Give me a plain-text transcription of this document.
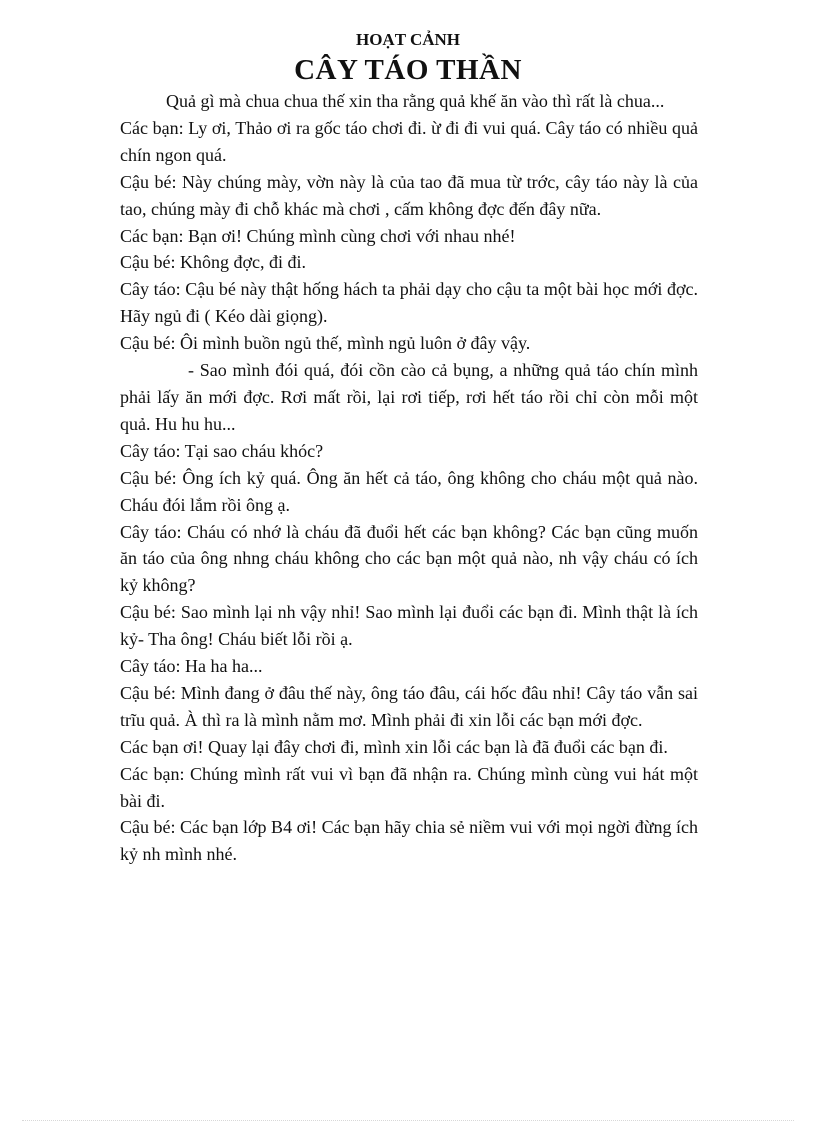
HOẠT CẢNH
CÂY TÁO THẦN

Quả gì mà chua chua thế xin tha rằng quả khế ăn vào thì rất là chua...

Các bạn: Ly ơi, Thảo ơi ra gốc táo chơi đi. ừ đi đi vui quá. Cây táo có nhiều quả chín ngon quá.

Cậu bé: Này chúng mày, vờn này là của tao đã mua từ trớc, cây táo này là của tao, chúng mày đi chỗ khác mà chơi , cấm không đợc đến đây nữa.

Các bạn: Bạn ơi! Chúng mình cùng chơi với nhau nhé!

Cậu bé: Không đợc, đi đi.

Cây táo: Cậu bé này thật hống hách ta phải dạy cho cậu ta một bài học mới đợc. Hãy ngủ đi ( Kéo dài giọng).

Cậu bé: Ôi mình buồn ngủ thế, mình ngủ luôn ở đây vậy.

- Sao mình đói quá, đói cồn cào cả bụng, a những quả táo chín mình phải lấy ăn mới đợc. Rơi mất rồi, lại rơi tiếp, rơi hết táo rồi chỉ còn mỗi một quả. Hu hu hu...

Cây táo: Tại sao cháu khóc?

Cậu bé: Ông ích kỷ quá. Ông ăn hết cả táo, ông không cho cháu một quả nào. Cháu đói lắm rồi ông ạ.

Cây táo: Cháu có nhớ là cháu đã đuổi hết các bạn không? Các bạn cũng muốn ăn táo của ông nhng cháu không cho các bạn một quả nào, nh vậy cháu có ích kỷ không?

Cậu bé: Sao mình lại nh vậy nhỉ! Sao mình lại đuổi các bạn đi. Mình thật là ích kỷ- Tha ông! Cháu biết lỗi rồi ạ.

Cây táo: Ha ha ha...

Cậu bé: Mình đang ở đâu thế này, ông táo đâu, cái hốc đâu nhỉ! Cây táo vẫn sai trĩu quả. À thì ra là mình nằm mơ. Mình phải đi xin lỗi các bạn mới đợc.

Các bạn ơi! Quay lại đây chơi đi, mình xin lỗi các bạn là đã đuổi các bạn đi.

Các bạn: Chúng mình rất vui vì bạn đã nhận ra. Chúng mình cùng vui hát một bài đi.

Cậu bé: Các bạn lớp B4 ơi! Các bạn hãy chia sẻ niềm vui với mọi ngời đừng ích kỷ nh mình nhé.
